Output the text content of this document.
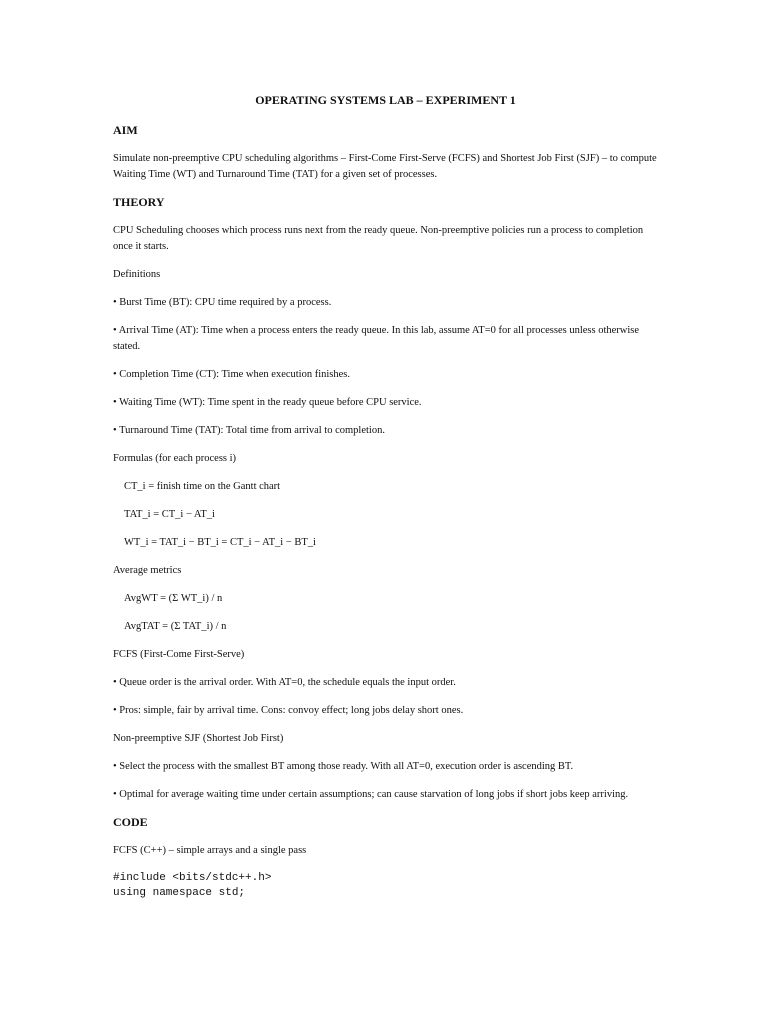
OPERATING SYSTEMS LAB – EXPERIMENT 1
AIM
Simulate non-preemptive CPU scheduling algorithms – First-Come First-Serve (FCFS) and Shortest Job First (SJF) – to compute Waiting Time (WT) and Turnaround Time (TAT) for a given set of processes.
THEORY
CPU Scheduling chooses which process runs next from the ready queue. Non-preemptive policies run a process to completion once it starts.
Definitions
• Burst Time (BT): CPU time required by a process.
• Arrival Time (AT): Time when a process enters the ready queue. In this lab, assume AT=0 for all processes unless otherwise stated.
• Completion Time (CT): Time when execution finishes.
• Waiting Time (WT): Time spent in the ready queue before CPU service.
• Turnaround Time (TAT): Total time from arrival to completion.
Formulas (for each process i)
CT_i = finish time on the Gantt chart
TAT_i = CT_i − AT_i
WT_i = TAT_i − BT_i = CT_i − AT_i − BT_i
Average metrics
AvgWT = (Σ WT_i) / n
AvgTAT = (Σ TAT_i) / n
FCFS (First-Come First-Serve)
• Queue order is the arrival order. With AT=0, the schedule equals the input order.
• Pros: simple, fair by arrival time. Cons: convoy effect; long jobs delay short ones.
Non-preemptive SJF (Shortest Job First)
• Select the process with the smallest BT among those ready. With all AT=0, execution order is ascending BT.
• Optimal for average waiting time under certain assumptions; can cause starvation of long jobs if short jobs keep arriving.
CODE
FCFS (C++) – simple arrays and a single pass
#include <bits/stdc++.h>
using namespace std;
